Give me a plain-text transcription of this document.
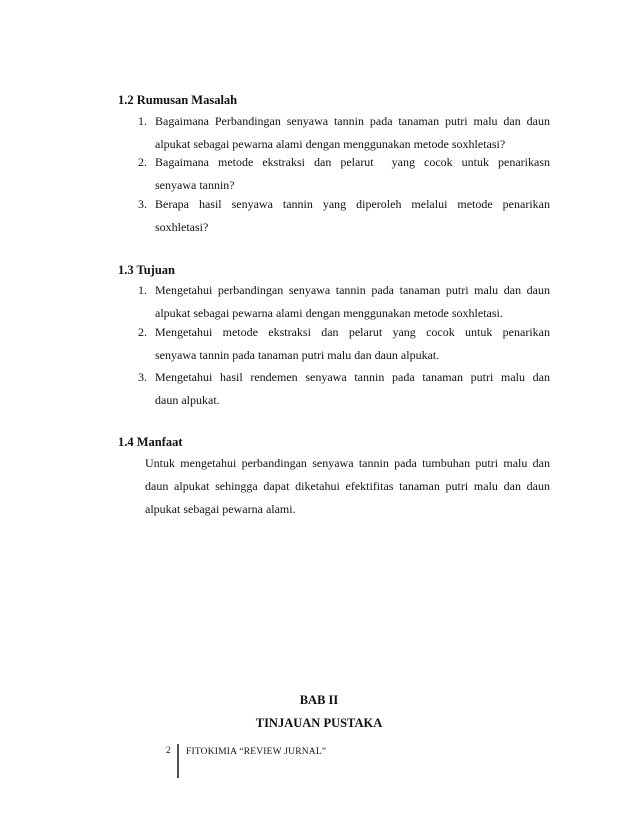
1.2 Rumusan Masalah
1. Bagaimana Perbandingan senyawa tannin pada tanaman putri malu dan daun
alpukat sebagai pewarna alami dengan menggunakan metode soxhletasi?
2. Bagaimana metode ekstraksi dan pelarut  yang cocok untuk penarikasn
senyawa tannin?
3. Berapa hasil senyawa tannin yang diperoleh melalui metode penarikan
soxhletasi?
1.3 Tujuan
1. Mengetahui perbandingan senyawa tannin pada tanaman putri malu dan daun
alpukat sebagai pewarna alami dengan menggunakan metode soxhletasi.
2. Mengetahui metode ekstraksi dan pelarut yang cocok untuk penarikan
senyawa tannin pada tanaman putri malu dan daun alpukat.
3. Mengetahui hasil rendemen senyawa tannin pada tanaman putri malu dan
daun alpukat.
1.4 Manfaat
Untuk mengetahui perbandingan senyawa tannin pada tumbuhan putri malu dan
daun alpukat sehingga dapat diketahui efektifitas tanaman putri malu dan daun
alpukat sebagai pewarna alami.
BAB II
TINJAUAN PUSTAKA
2 FITOKIMIA “REVIEW JURNAL”
